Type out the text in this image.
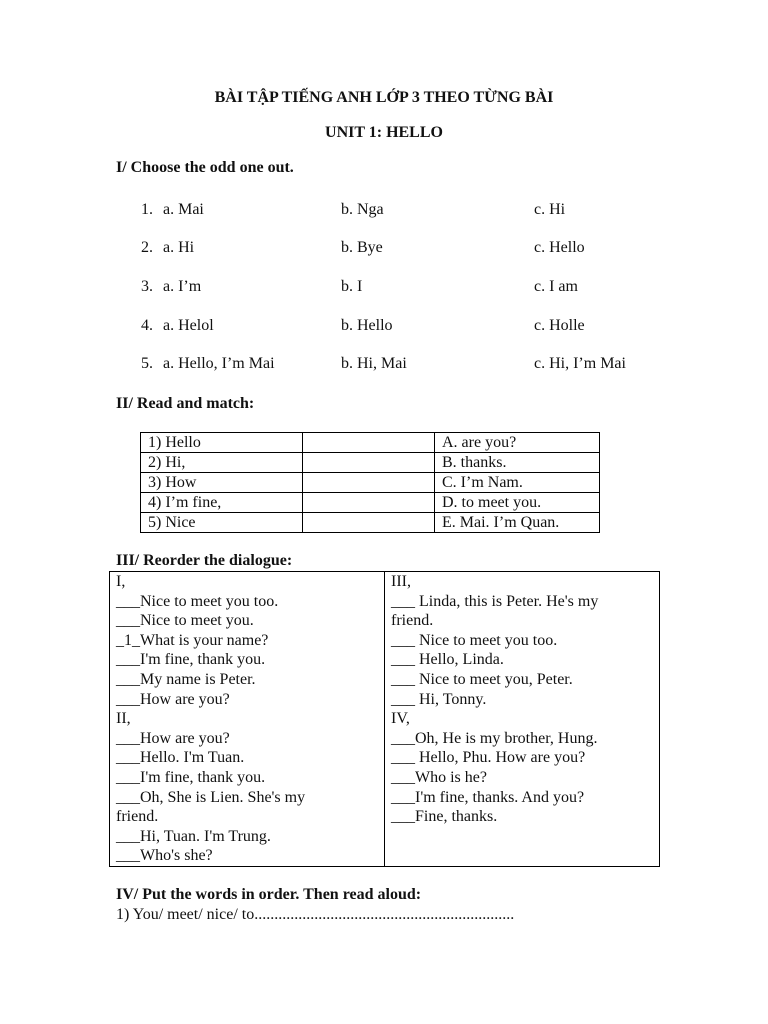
BÀI TẬP TIẾNG ANH LỚP 3 THEO TỪNG BÀI
UNIT 1: HELLO
I/ Choose the odd one out.
1. a. Mai	b. Nga	c. Hi
2. a. Hi	b. Bye	c. Hello
3. a. I’m	b. I	c. I am
4. a. Helol	b. Hello	c. Holle
5. a. Hello, I’m Mai	b. Hi, Mai	c. Hi, I’m Mai
II/ Read and match:
1) Hello		A. are you?
2) Hi,		B. thanks.
3) How		C. I’m Nam.
4) I’m fine,		D. to meet you.
5) Nice		E. Mai. I’m Quan.
III/ Reorder the dialogue:
I,
___Nice to meet you too.
___Nice to meet you.
_1_What is your name?
___I'm fine, thank you.
___My name is Peter.
___How are you?
II,
___How are you?
___Hello. I'm Tuan.
___I'm fine, thank you.
___Oh, She is Lien. She's my friend.
___Hi, Tuan. I'm Trung.
___Who's she?

III,
___ Linda, this is Peter. He's my friend.
___ Nice to meet you too.
___ Hello, Linda.
___ Nice to meet you, Peter.
___ Hi, Tonny.
IV,
___Oh, He is my brother, Hung.
___ Hello, Phu. How are you?
___Who is he?
___I'm fine, thanks. And you?
___Fine, thanks.
IV/ Put the words in order. Then read aloud:
1) You/ meet/ nice/ to.................................................................
